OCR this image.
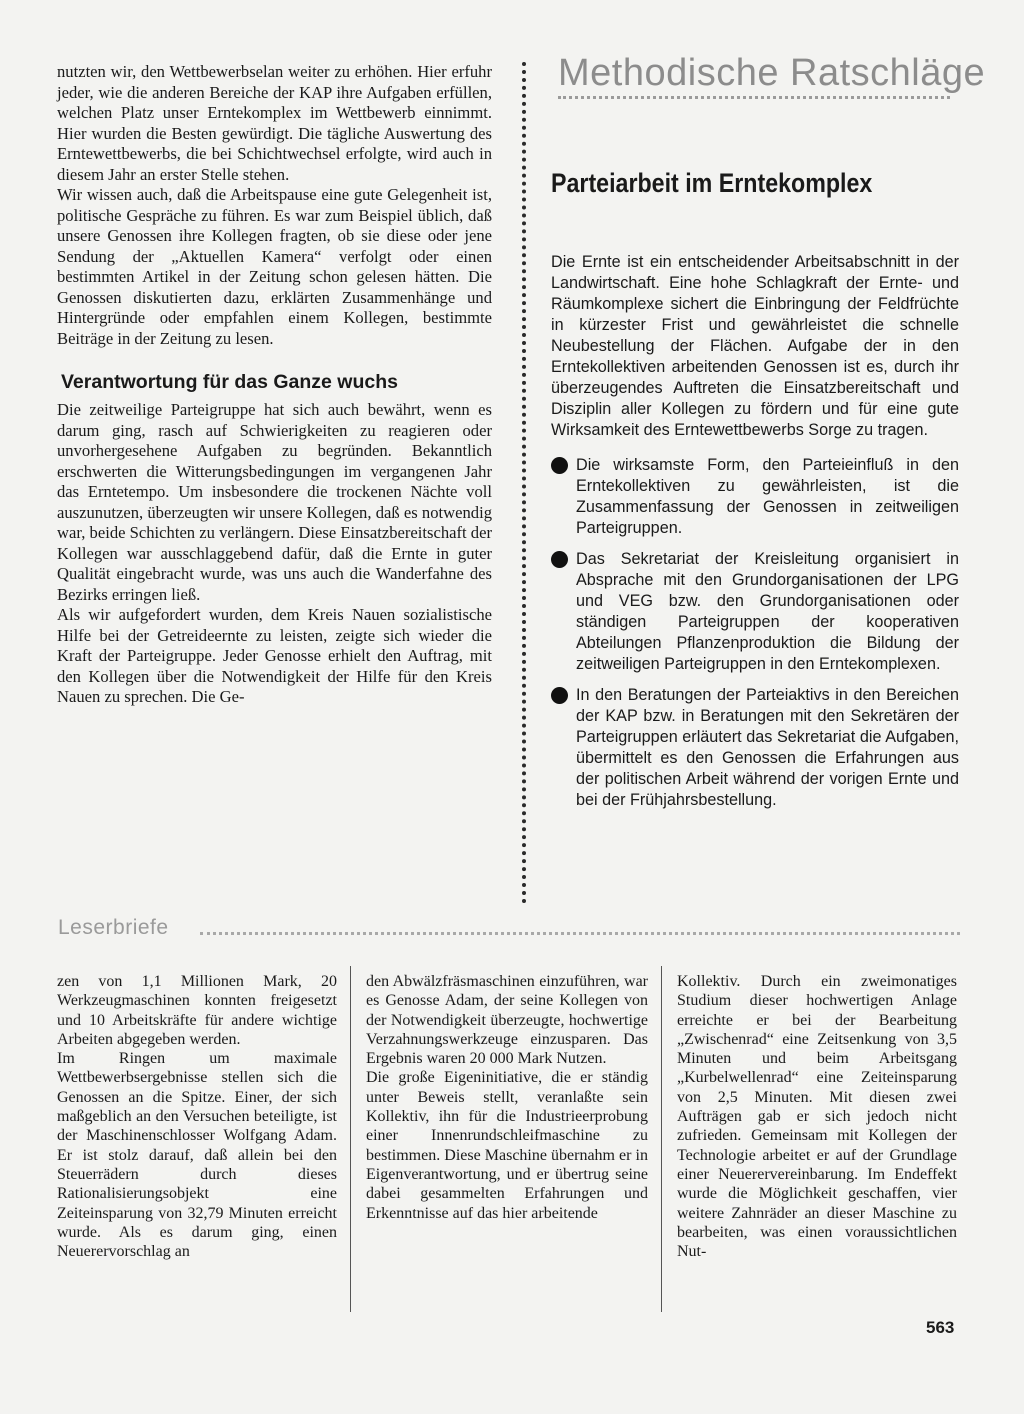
nutzten wir, den Wettbewerbselan weiter zu erhöhen. Hier erfuhr jeder, wie die anderen Bereiche der KAP ihre Aufgaben erfüllen, welchen Platz unser Erntekomplex im Wettbewerb einnimmt. Hier wurden die Besten gewürdigt. Die tägliche Auswertung des Erntewettbewerbs, die bei Schichtwechsel erfolgte, wird auch in diesem Jahr an erster Stelle stehen.

Wir wissen auch, daß die Arbeitspause eine gute Gelegenheit ist, politische Gespräche zu führen. Es war zum Beispiel üblich, daß unsere Genossen ihre Kollegen fragten, ob sie diese oder jene Sendung der „Aktuellen Kamera“ verfolgt oder einen bestimmten Artikel in der Zeitung schon gelesen hätten. Die Genossen diskutierten dazu, erklärten Zusammenhänge und Hintergründe oder empfahlen einem Kollegen, bestimmte Beiträge in der Zeitung zu lesen.

Verantwortung für das Ganze wuchs

Die zeitweilige Parteigruppe hat sich auch bewährt, wenn es darum ging, rasch auf Schwierigkeiten zu reagieren oder unvorhergesehene Aufgaben zu begründen. Bekanntlich erschwerten die Witterungsbedingungen im vergangenen Jahr das Erntetempo. Um insbesondere die trockenen Nächte voll auszunutzen, überzeugten wir unsere Kollegen, daß es notwendig war, beide Schichten zu verlängern. Diese Einsatzbereitschaft der Kollegen war ausschlaggebend dafür, daß die Ernte in guter Qualität eingebracht wurde, was uns auch die Wanderfahne des Bezirks erringen ließ.

Als wir aufgefordert wurden, dem Kreis Nauen sozialistische Hilfe bei der Getreideernte zu leisten, zeigte sich wieder die Kraft der Parteigruppe. Jeder Genosse erhielt den Auftrag, mit den Kollegen über die Notwendigkeit der Hilfe für den Kreis Nauen zu sprechen. Die Ge-

Methodische Ratschläge

Parteiarbeit im Erntekomplex

Die Ernte ist ein entscheidender Arbeitsabschnitt in der Landwirtschaft. Eine hohe Schlagkraft der Ernte- und Räumkomplexe sichert die Einbringung der Feldfrüchte in kürzester Frist und gewährleistet die schnelle Neubestellung der Flächen. Aufgabe der in den Erntekollektiven arbeitenden Genossen ist es, durch ihr überzeugendes Auftreten die Einsatzbereitschaft und Disziplin aller Kollegen zu fördern und für eine gute Wirksamkeit des Erntewettbewerbs Sorge zu tragen.

Die wirksamste Form, den Parteieinfluß in den Erntekollektiven zu gewährleisten, ist die Zusammenfassung der Genossen in zeitweiligen Parteigruppen.
Das Sekretariat der Kreisleitung organisiert in Absprache mit den Grundorganisationen der LPG und VEG bzw. den Grundorganisationen oder ständigen Parteigruppen der kooperativen Abteilungen Pflanzenproduktion die Bildung der zeitweiligen Parteigruppen in den Erntekomplexen.
In den Beratungen der Parteiaktivs in den Bereichen der KAP bzw. in Beratungen mit den Sekretären der Parteigruppen erläutert das Sekretariat die Aufgaben, übermittelt es den Genossen die Erfahrungen aus der politischen Arbeit während der vorigen Ernte und bei der Frühjahrsbestellung.

Leserbriefe

zen von 1,1 Millionen Mark, 20 Werkzeugmaschinen konnten freigesetzt und 10 Arbeitskräfte für andere wichtige Arbeiten abgegeben werden.

Im Ringen um maximale Wettbewerbsergebnisse stellen sich die Genossen an die Spitze. Einer, der sich maßgeblich an den Versuchen beteiligte, ist der Maschinenschlosser Wolfgang Adam. Er ist stolz darauf, daß allein bei den Steuerrädern durch dieses Rationalisierungsobjekt eine Zeiteinsparung von 32,79 Minuten erreicht wurde. Als es darum ging, einen Neuerervorschlag an

den Abwälzfräsmaschinen einzuführen, war es Genosse Adam, der seine Kollegen von der Notwendigkeit überzeugte, hochwertige Verzahnungswerkzeuge einzusparen. Das Ergebnis waren 20 000 Mark Nutzen.

Die große Eigeninitiative, die er ständig unter Beweis stellt, veranlaßte sein Kollektiv, ihn für die Industrieerprobung einer Innenrundschleifmaschine zu bestimmen. Diese Maschine übernahm er in Eigenverantwortung, und er übertrug seine dabei gesammelten Erfahrungen und Erkenntnisse auf das hier arbeitende

Kollektiv. Durch ein zweimonatiges Studium dieser hochwertigen Anlage erreichte er bei der Bearbeitung „Zwischenrad“ eine Zeitsenkung von 3,5 Minuten und beim Arbeitsgang „Kurbelwellenrad“ eine Zeiteinsparung von 2,5 Minuten. Mit diesen zwei Aufträgen gab er sich jedoch nicht zufrieden. Gemeinsam mit Kollegen der Technologie arbeitet er auf der Grundlage einer Neuerervereinbarung. Im Endeffekt wurde die Möglichkeit geschaffen, vier weitere Zahnräder an dieser Maschine zu bearbeiten, was einen voraussichtlichen Nut-

563
